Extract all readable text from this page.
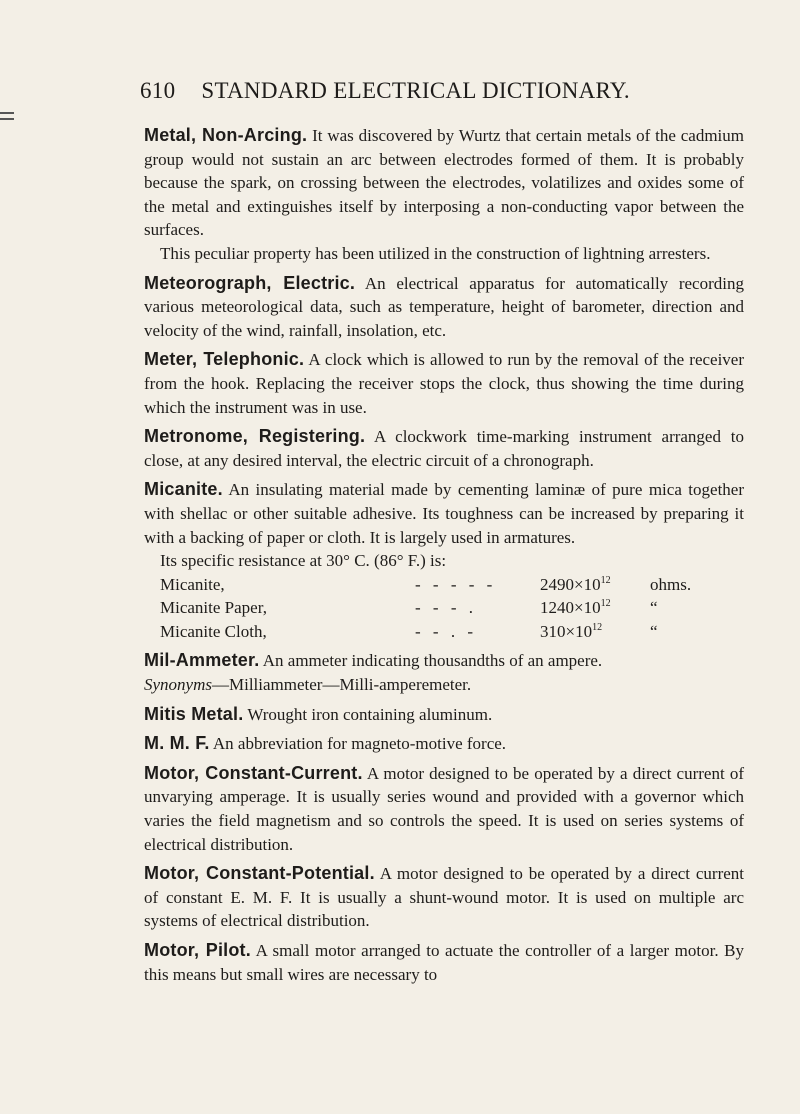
610 STANDARD ELECTRICAL DICTIONARY.

Metal, Non-Arcing. It was discovered by Wurtz that certain metals of the cadmium group would not sustain an arc between electrodes formed of them. It is probably because the spark, on crossing between the electrodes, volatilizes and oxides some of the metal and extinguishes itself by interposing a non-conducting vapor between the surfaces.

This peculiar property has been utilized in the construction of lightning arresters.

Meteorograph, Electric. An electrical apparatus for automatically recording various meteorological data, such as temperature, height of barometer, direction and velocity of the wind, rainfall, insolation, etc.

Meter, Telephonic. A clock which is allowed to run by the removal of the receiver from the hook. Replacing the receiver stops the clock, thus showing the time during which the instrument was in use.

Metronome, Registering. A clockwork time-marking instrument arranged to close, at any desired interval, the electric circuit of a chronograph.

Micanite. An insulating material made by cementing laminæ of pure mica together with shellac or other suitable adhesive. Its toughness can be increased by preparing it with a backing of paper or cloth. It is largely used in armatures.

Its specific resistance at 30° C. (86° F.) is:

Micanite,	- - - - -	$2490\times 10^{12}$	ohms.
Micanite Paper,	- - - .	$1240\times 10^{12}$	“
Micanite Cloth,	- - . -	$310\times 10^{12}$	“

Mil-Ammeter. An ammeter indicating thousandths of an ampere.

Synonyms—Milliammeter—Milli-amperemeter.

Mitis Metal. Wrought iron containing aluminum.

M. M. F. An abbreviation for magneto-motive force.

Motor, Constant-Current. A motor designed to be operated by a direct current of unvarying amperage. It is usually series wound and provided with a governor which varies the field magnetism and so controls the speed. It is used on series systems of electrical distribution.

Motor, Constant-Potential. A motor designed to be operated by a direct current of constant E. M. F. It is usually a shunt-wound motor. It is used on multiple arc systems of electrical distribution.

Motor, Pilot. A small motor arranged to actuate the controller of a larger motor. By this means but small wires are necessary to
